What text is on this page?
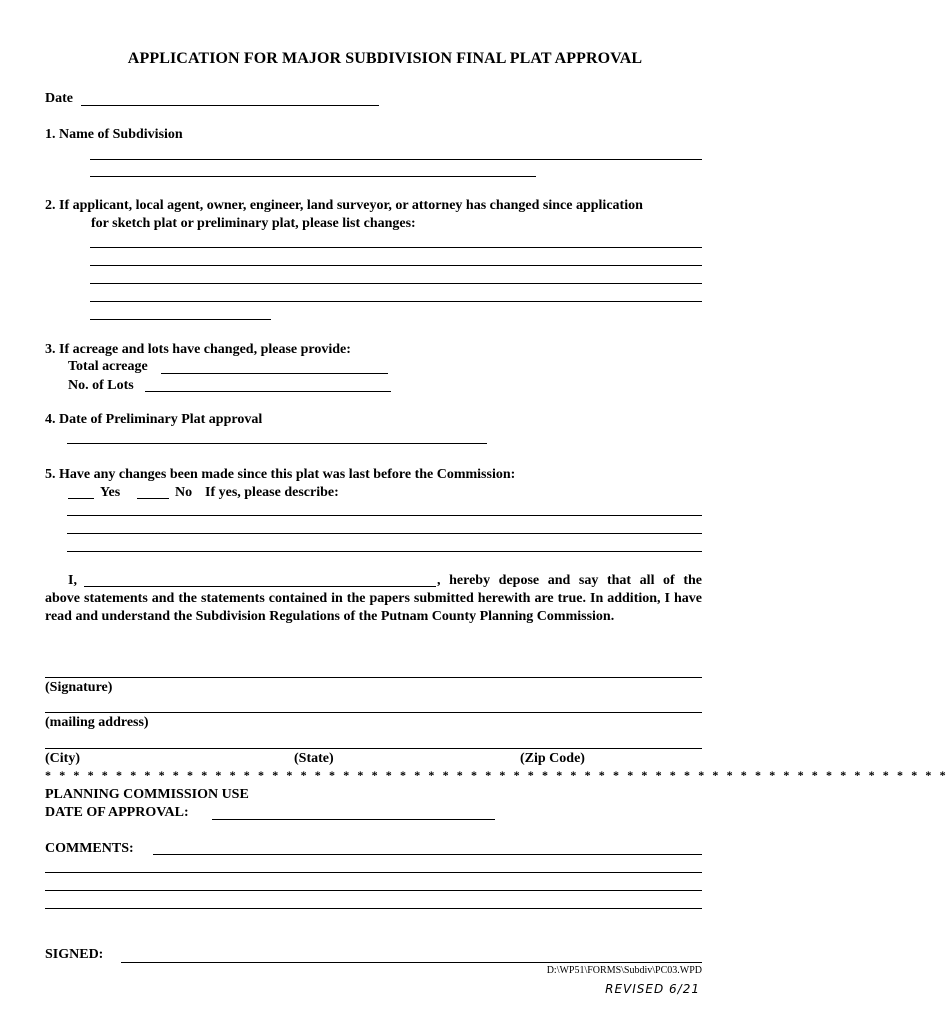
APPLICATION FOR MAJOR SUBDIVISION FINAL PLAT APPROVAL
Date
1. Name of Subdivision
2. If applicant, local agent, owner, engineer, land surveyor, or attorney has changed since application
for sketch plat or preliminary plat, please list changes:
3. If acreage and lots have changed, please provide:
Total acreage
No. of Lots
4. Date of Preliminary Plat approval
5. Have any changes been made since this plat was last before the Commission:
Yes	No If yes, please describe:
I,	, hereby depose and say that all of the
above statements and the statements contained in the papers submitted herewith are true. In addition, I have read and understand the Subdivision Regulations of the Putnam County Planning Commission.
(Signature)
(mailing address)
(City)	(State)	(Zip Code)
* * * * * * * * * * * * * * * * * * * * * * * * * * * * * * * * * * * * * * * * * * * * * * * * * * * * * * * * * * * * * * * *
PLANNING COMMISSION USE
DATE OF APPROVAL:
COMMENTS:
SIGNED:
D:\WP51\FORMS\Subdiv\PC03.WPD
REVISED 6/21
